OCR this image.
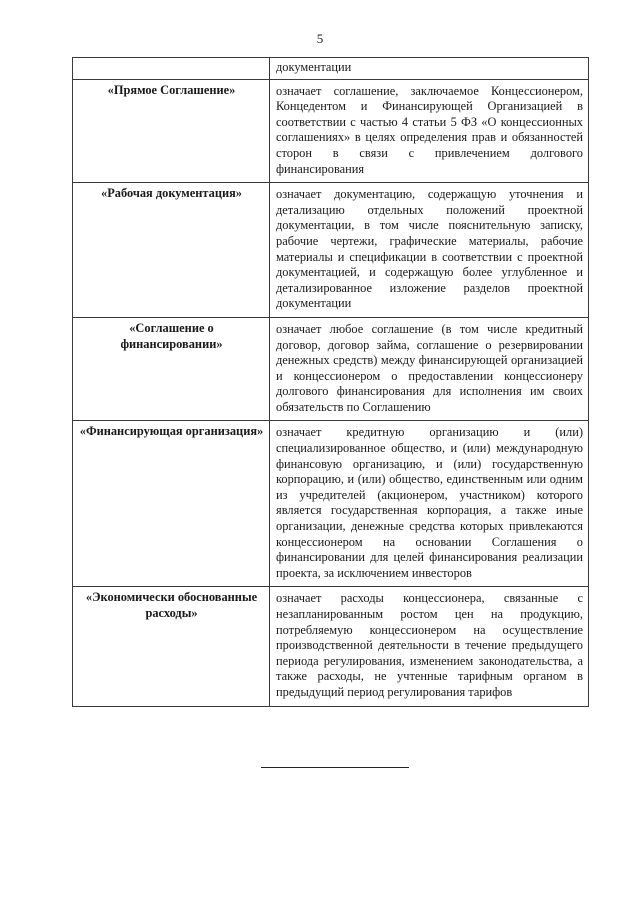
5
	документации
«Прямое Соглашение»	означает соглашение, заключаемое Концессионером, Концедентом и Финансирующей Организацией в соответствии с частью 4 статьи 5 ФЗ «О концессионных соглашениях» в целях определения прав и обязанностей сторон в связи с привлечением долгового финансирования
«Рабочая документация»	означает документацию, содержащую уточнения и детализацию отдельных положений проектной документации, в том числе пояснительную записку, рабочие чертежи, графические материалы, рабочие материалы и спецификации в соответствии с проектной документацией, и содержащую более углубленное и детализированное изложение разделов проектной документации
«Соглашение о финансировании»	означает любое соглашение (в том числе кредитный договор, договор займа, соглашение о резервировании денежных средств) между финансирующей организацией и концессионером о предоставлении концессионеру долгового финансирования для исполнения им своих обязательств по Соглашению
«Финансирующая организация»	означает кредитную организацию и (или) специализированное общество, и (или) международную финансовую организацию, и (или) государственную корпорацию, и (или) общество, единственным или одним из учредителей (акционером, участником) которого является государственная корпорация, а также иные организации, денежные средства которых привлекаются концессионером на основании Соглашения о финансировании для целей финансирования реализации проекта, за исключением инвесторов
«Экономически обоснованные расходы»	означает расходы концессионера, связанные с незапланированным ростом цен на продукцию, потребляемую концессионером на осуществление производственной деятельности в течение предыдущего периода регулирования, изменением законодательства, а также расходы, не учтенные тарифным органом в предыдущий период регулирования тарифов
